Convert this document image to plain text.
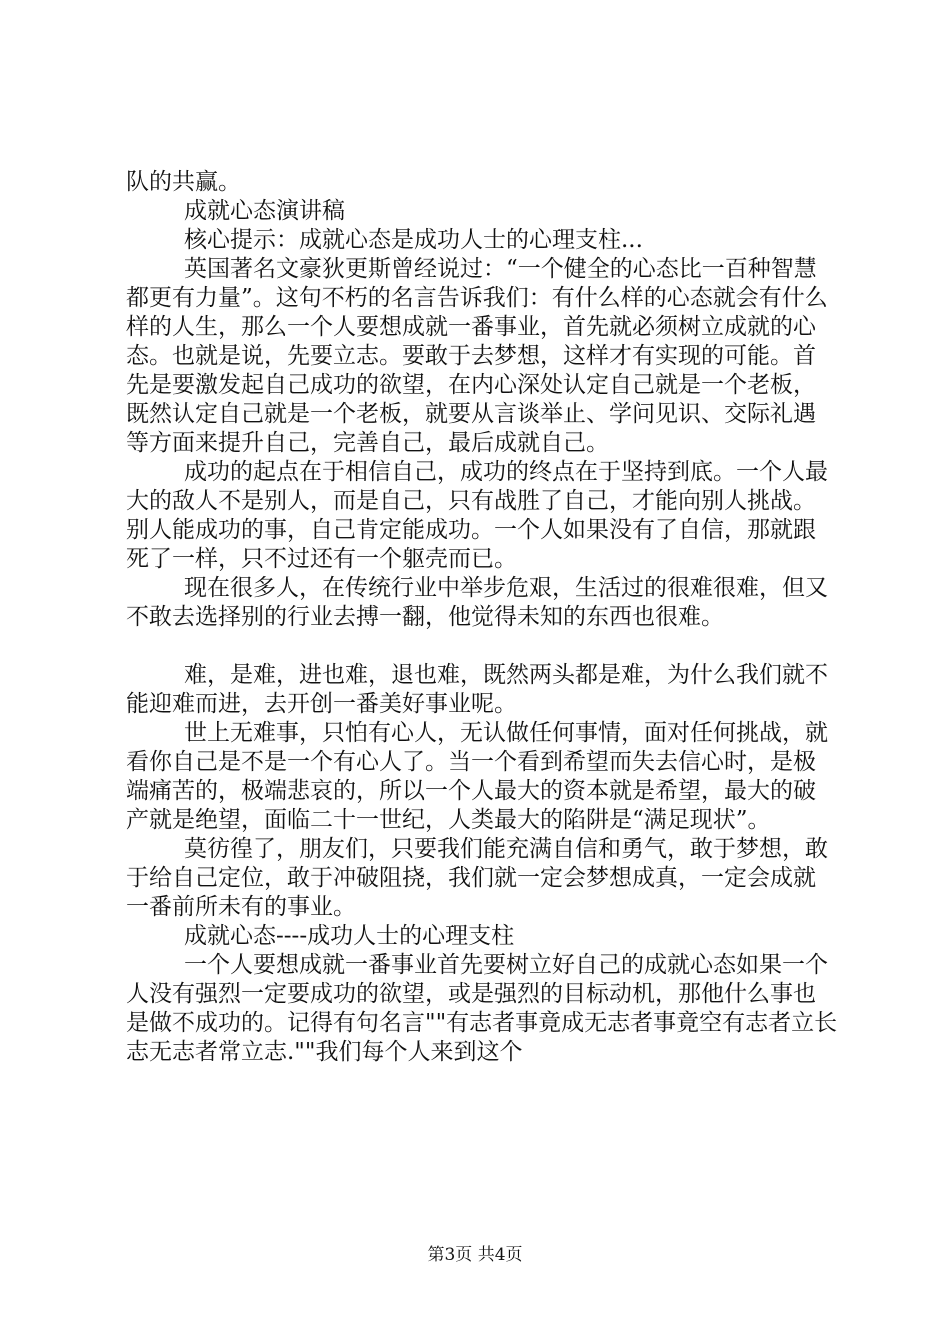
队的共赢。

成就心态演讲稿

核心提示：成就心态是成功人士的心理支柱...

英国著名文豪狄更斯曾经说过：“一个健全的心态比一百种智慧都更有力量”。这句不朽的名言告诉我们：有什么样的心态就会有什么样的人生，那么一个人要想成就一番事业，首先就必须树立成就的心态。也就是说，先要立志。要敢于去梦想，这样才有实现的可能。首先是要激发起自己成功的欲望，在内心深处认定自己就是一个老板，既然认定自己就是一个老板，就要从言谈举止、学问见识、交际礼遇等方面来提升自己，完善自己，最后成就自己。

成功的起点在于相信自己，成功的终点在于坚持到底。一个人最大的敌人不是别人，而是自己，只有战胜了自己，才能向别人挑战。别人能成功的事，自己肯定能成功。一个人如果没有了自信，那就跟死了一样，只不过还有一个躯壳而已。

现在很多人，在传统行业中举步危艰，生活过的很难很难，但又不敢去选择别的行业去搏一翻，他觉得未知的东西也很难。

难，是难，进也难，退也难，既然两头都是难，为什么我们就不能迎难而进，去开创一番美好事业呢。

世上无难事，只怕有心人，无认做任何事情，面对任何挑战，就看你自己是不是一个有心人了。当一个看到希望而失去信心时，是极端痛苦的，极端悲哀的，所以一个人最大的资本就是希望，最大的破产就是绝望，面临二十一世纪，人类最大的陷阱是“满足现状”。

莫彷徨了，朋友们，只要我们能充满自信和勇气，敢于梦想，敢于给自己定位，敢于冲破阻挠，我们就一定会梦想成真，一定会成就一番前所未有的事业。

成就心态----成功人士的心理支柱

一个人要想成就一番事业首先要树立好自己的成就心态如果一个人没有强烈一定要成功的欲望，或是强烈的目标动机，那他什么事也是做不成功的。记得有句名言""有志者事竟成无志者事竟空有志者立长志无志者常立志.""我们每个人来到这个

第3页 共4页
